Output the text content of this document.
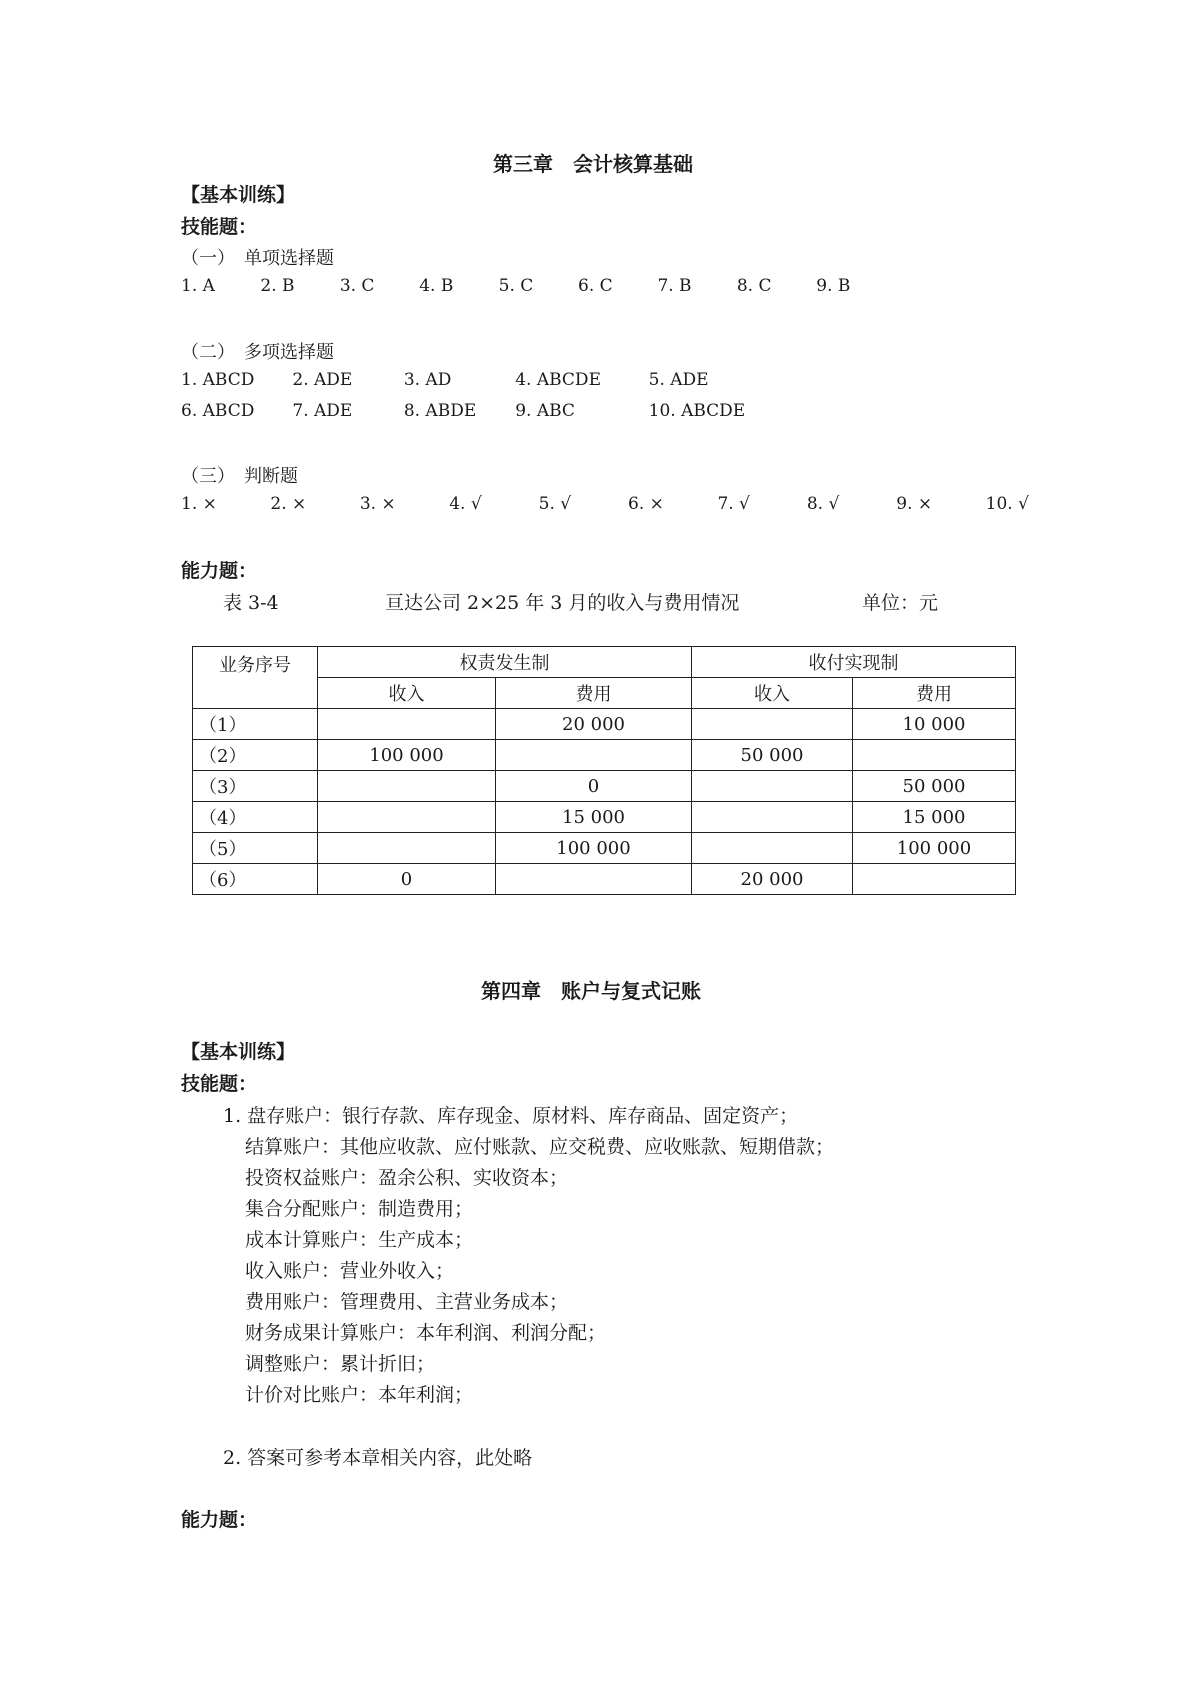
第三章　会计核算基础
【基本训练】
技能题：
（一）　单项选择题
1. A	2. B	3. C	4. B	5. C	6. C	7. B	8. C	9. B
（二）　多项选择题
1. ABCD 2. ADE	3. AD	4. ABCDE	5. ADE
6. ABCD 7. ADE	8. ABDE 9. ABC	10. ABCDE
（三）　判断题
1. ×	2. ×	3. ×	4. √	5. √	6. ×	7. √	8. √	9. ×	10. √
能力题：
表 3-4	亘达公司 2×25 年 3 月的收入与费用情况	单位：元
业务序号	权责发生制		收付实现制	
	收入	费用	收入	费用
（1）		20 000		10 000
（2）	100 000		50 000	
（3）		0		50 000
（4）		15 000		15 000
（5）		100 000		100 000
（6）	0		20 000	
第四章　账户与复式记账
【基本训练】
技能题：
1. 盘存账户：银行存款、库存现金、原材料、库存商品、固定资产；
结算账户：其他应收款、应付账款、应交税费、应收账款、短期借款；
投资权益账户：盈余公积、实收资本；
集合分配账户：制造费用；
成本计算账户：生产成本；
收入账户：营业外收入；
费用账户：管理费用、主营业务成本；
财务成果计算账户：本年利润、利润分配；
调整账户：累计折旧；
计价对比账户：本年利润；
2. 答案可参考本章相关内容，此处略
能力题：
